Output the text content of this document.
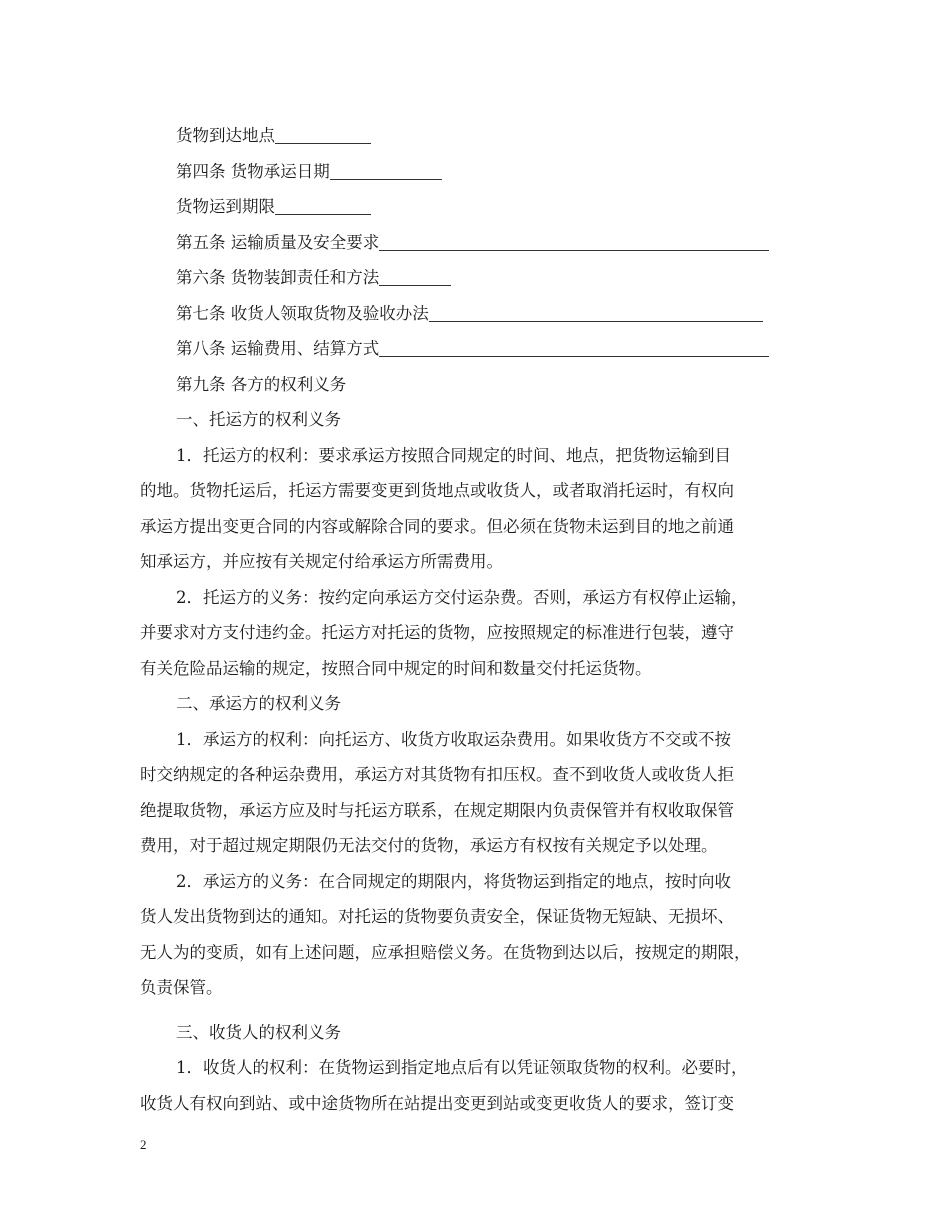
货物到达地点
第四条 货物承运日期
货物运到期限
第五条 运输质量及安全要求
第六条 货物装卸责任和方法
第七条 收货人领取货物及验收办法
第八条 运输费用、结算方式
第九条 各方的权利义务
一、托运方的权利义务
1．托运方的权利：要求承运方按照合同规定的时间、地点，把货物运输到目
的地。货物托运后，托运方需要变更到货地点或收货人，或者取消托运时，有权向
承运方提出变更合同的内容或解除合同的要求。但必须在货物未运到目的地之前通
知承运方，并应按有关规定付给承运方所需费用。
2．托运方的义务：按约定向承运方交付运杂费。否则，承运方有权停止运输，
并要求对方支付违约金。托运方对托运的货物，应按照规定的标准进行包装，遵守
有关危险品运输的规定，按照合同中规定的时间和数量交付托运货物。
二、承运方的权利义务
1．承运方的权利：向托运方、收货方收取运杂费用。如果收货方不交或不按
时交纳规定的各种运杂费用，承运方对其货物有扣压权。查不到收货人或收货人拒
绝提取货物，承运方应及时与托运方联系，在规定期限内负责保管并有权收取保管
费用，对于超过规定期限仍无法交付的货物，承运方有权按有关规定予以处理。
2．承运方的义务：在合同规定的期限内，将货物运到指定的地点，按时向收
货人发出货物到达的通知。对托运的货物要负责安全，保证货物无短缺、无损坏、
无人为的变质，如有上述问题，应承担赔偿义务。在货物到达以后，按规定的期限，
负责保管。
三、收货人的权利义务
1．收货人的权利：在货物运到指定地点后有以凭证领取货物的权利。必要时，
收货人有权向到站、或中途货物所在站提出变更到站或变更收货人的要求，签订变
2
